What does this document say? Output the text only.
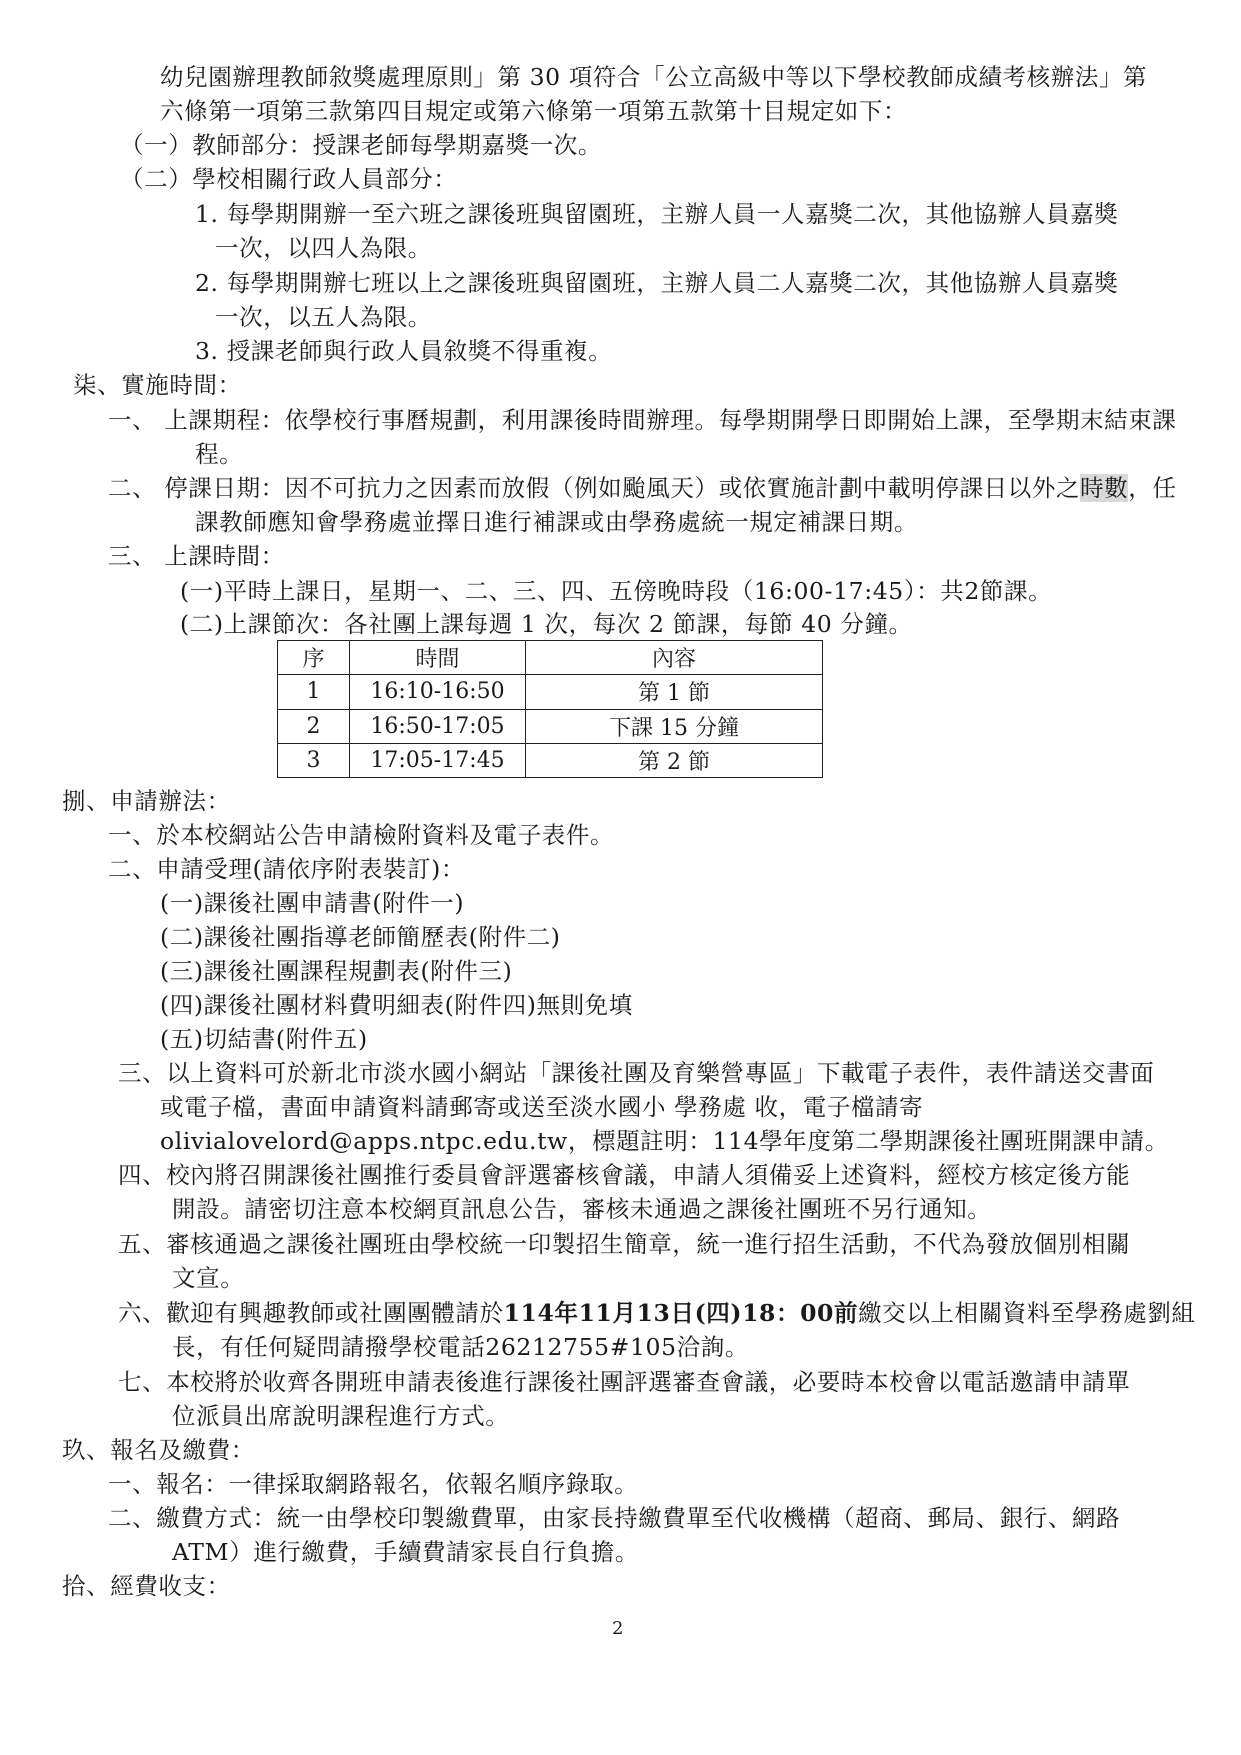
幼兒園辦理教師敘獎處理原則」第 30 項符合「公立高級中等以下學校教師成績考核辦法」第
六條第一項第三款第四目規定或第六條第一項第五款第十目規定如下：
（一）教師部分：授課老師每學期嘉獎一次。
（二）學校相關行政人員部分：
1. 每學期開辦一至六班之課後班與留園班，主辦人員一人嘉獎二次，其他協辦人員嘉獎
一次，以四人為限。
2. 每學期開辦七班以上之課後班與留園班，主辦人員二人嘉獎二次，其他協辦人員嘉獎
一次，以五人為限。
3. 授課老師與行政人員敘獎不得重複。
柒、實施時間：
一、 上課期程：依學校行事曆規劃，利用課後時間辦理。每學期開學日即開始上課，至學期末結束課
程。
二、 停課日期：因不可抗力之因素而放假（例如颱風天）或依實施計劃中載明停課日以外之時數，任
課教師應知會學務處並擇日進行補課或由學務處統一規定補課日期。
三、 上課時間：
(一)平時上課日，星期一、二、三、四、五傍晚時段（16:00-17:45）：共2節課。
(二)上課節次：各社團上課每週 1 次，每次 2 節課，每節 40 分鐘。
序	時間	內容
1	16:10-16:50	第 1 節
2	16:50-17:05	下課 15 分鐘
3	17:05-17:45	第 2 節
捌、申請辦法：
一、於本校網站公告申請檢附資料及電子表件。
二、申請受理(請依序附表裝訂)：
(一)課後社團申請書(附件一)
(二)課後社團指導老師簡歷表(附件二)
(三)課後社團課程規劃表(附件三)
(四)課後社團材料費明細表(附件四)無則免填
(五)切結書(附件五)
三、以上資料可於新北市淡水國小網站「課後社團及育樂營專區」下載電子表件，表件請送交書面
或電子檔，書面申請資料請郵寄或送至淡水國小 學務處 收，電子檔請寄
olivialovelord@apps.ntpc.edu.tw，標題註明：114學年度第二學期課後社團班開課申請。
四、校內將召開課後社團推行委員會評選審核會議，申請人須備妥上述資料，經校方核定後方能
開設。請密切注意本校網頁訊息公告，審核未通過之課後社團班不另行通知。
五、審核通過之課後社團班由學校統一印製招生簡章，統一進行招生活動，不代為發放個別相關
文宣。
六、歡迎有興趣教師或社團團體請於114年11月13日(四)18：00前繳交以上相關資料至學務處劉組
長，有任何疑問請撥學校電話26212755#105洽詢。
七、本校將於收齊各開班申請表後進行課後社團評選審查會議，必要時本校會以電話邀請申請單
位派員出席說明課程進行方式。
玖、報名及繳費：
一、報名：一律採取網路報名，依報名順序錄取。
二、繳費方式：統一由學校印製繳費單，由家長持繳費單至代收機構（超商、郵局、銀行、網路
ATM）進行繳費，手續費請家長自行負擔。
拾、經費收支：
2
